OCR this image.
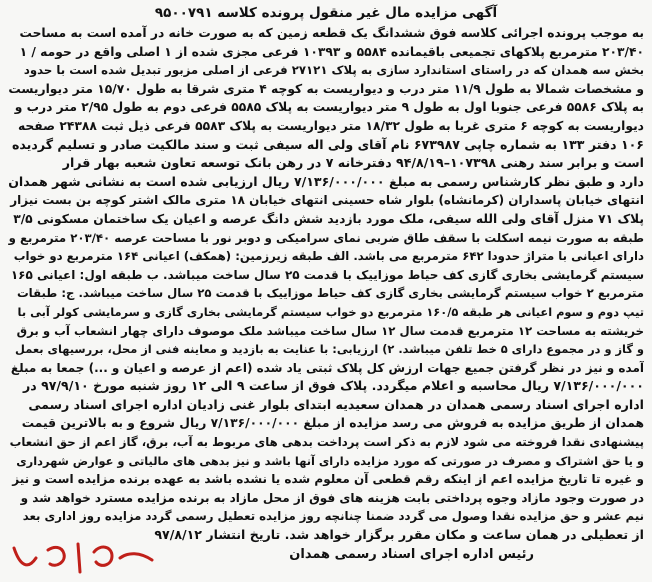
آگهی مزایده مال غیر منقول پرونده کلاسه ۹۵۰۰۷۹۱
به موجب پرونده اجرائی کلاسه فوق ششدانگ یک قطعه زمین که به صورت خانه در آمده است به مساحت
۲۰۳/۴۰ مترمربع پلاکهای تجمیعی باقیمانده ۵۵۸۴ و ۱۰۳۹۳ فرعی مجزی شده از ۱ اصلی واقع در حومه / ۱
بخش سه همدان که در راستای استاندارد سازی به پلاک ۲۷۱۲۱ فرعی از اصلی مزبور تبدیل شده است با حدود
و مشخصات شمالا به طول ۱۱/۹ متر درب و دیواریست به کوچه ۴ متری شرقا به طول ۱۵/۷۰ متر دیواریست
به پلاک ۵۵۸۶ فرعی جنوبا اول به طول ۹ متر دیواریست به پلاک ۵۵۸۵ فرعی دوم به طول ۲/۹۵ متر درب و
دیواریست به کوچه ۶ متری غربا به طول ۱۸/۳۲ متر دیواریست به پلاک ۵۵۸۳ فرعی ذیل ثبت ۲۴۳۸۸ صفحه
۱۰۶ دفتر ۱۳۳ به شماره چاپی ۶۷۳۹۸۷ نام آقای ولی اله سیفی ثبت و سند مالکیت صادر و تسلیم گردیده
است و برابر سند رهنی ۱۰۷۳۹۸–۹۴/۸/۱۹ دفترخانه ۷ در رهن بانک توسعه تعاون شعبه بهار قرار
دارد و طبق نظر کارشناس رسمی به مبلغ ۷/۱۳۶/۰۰۰/۰۰۰ ریال ارزیابی شده است به نشانی شهر همدان
انتهای خیابان پاسداران (کرمانشاه) بلوار شاه حسینی انتهای خیابان ۱۸ متری مالک اشتر کوچه بن بست نیزار
پلاک ۷۱ منزل آقای ولی الله سیفی، ملک مورد بازدید شش دانگ عرصه و اعیان یک ساختمان مسکونی ۳/۵
طبقه به صورت نیمه اسکلت با سقف طاق ضربی نمای سرامیکی و دوبر نور با مساحت عرصه ۲۰۳/۴۰ مترمربع و
دارای اعیانی با متراژ حدودا ۶۴۲ مترمربع می باشد. الف طبقه زیرزمین: (همکف) اعیانی ۱۶۴ مترمربع دو خواب
سیستم گرمایشی بخاری گازی کف حیاط موزاییک با قدمت ۲۵ سال ساخت میباشد. ب طبقه اول: اعیانی ۱۶۵
مترمربع ۲ خواب سیستم گرمایشی بخاری گازی کف حیاط موزاییک با قدمت ۲۵ سال ساخت میباشد. ج: طبقات
تیپ دوم و سوم اعیانی هر طبقه ۱۶۰/۵ مترمربع دو خواب سیستم گرمایشی بخاری گازی و سرمایشی کولر آبی با
خریشته به مساحت ۱۲ مترمربع قدمت سال ۱۲ سال ساخت میباشد ملک موصوف دارای چهار انشعاب آب و برق
و گاز و در مجموع دارای ۵ خط تلفن میباشد. ۲) ارزیابی: با عنایت به بازدید و معاینه فنی از محل، بررسیهای بعمل
آمده و نیز در نظر گرفتن جمیع جهات ارزش کل پلاک ثبتی یاد شده (اعم از عرصه و اعیان و ...) جمعا به مبلغ
۷/۱۳۶/۰۰۰/۰۰۰ ریال محاسبه و اعلام میگردد. پلاک فوق از ساعت ۹ الی ۱۲ روز شنبه مورخ ۹۷/۹/۱۰ در
اداره اجرای اسناد رسمی همدان در همدان سعیدیه ابتدای بلوار غنی زادیان اداره اجرای اسناد رسمی
همدان از طریق مزایده به فروش می رسد مزایده از مبلغ ۷/۱۳۶/۰۰۰/۰۰۰ ریال شروع و به بالاترین قیمت
پیشنهادی نقدا فروخته می شود لازم به ذکر است پرداخت بدهی های مربوط به آب، برق، گاز اعم از حق انشعاب
و یا حق اشتراک و مصرف در صورتی که مورد مزایده دارای آنها باشد و نیز بدهی های مالیاتی و عوارض شهرداری
و غیره تا تاریخ مزایده اعم از اینکه رقم قطعی آن معلوم شده یا نشده باشد به عهده برنده مزایده است و نیز
در صورت وجود مازاد وجوه پرداختی بابت هزینه های فوق از محل مازاد به برنده مزایده مسترد خواهد شد و
نیم عشر و حق مزایده نقدا وصول می گردد ضمنا چنانچه روز مزایده تعطیل رسمی گردد مزایده روز اداری بعد
از تعطیلی در همان ساعت و مکان مقرر برگزار خواهد شد. تاریخ انتشار ۹۷/۸/۱۲
رئیس اداره اجرای اسناد رسمی همدان
